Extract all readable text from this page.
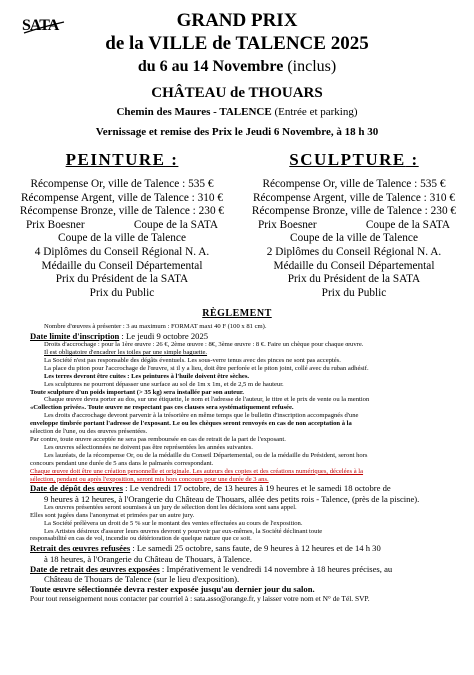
SATA	GRAND PRIX
de la VILLE de TALENCE 2025
du 6 au 14 Novembre (inclus)
CHÂTEAU de THOUARS
Chemin des Maures - TALENCE (Entrée et parking)
Vernissage et remise des Prix le Jeudi 6 Novembre, à 18 h 30
PEINTURE :
Récompense Or, ville de Talence : 535 €
Récompense Argent, ville de Talence : 310 €
Récompense Bronze, ville de Talence : 230 €
Prix Boesner	Coupe de la SATA
Coupe de la ville de Talence
4 Diplômes du Conseil Régional N. A.
Médaille du Conseil Départemental
Prix du Président de la SATA
Prix du Public
SCULPTURE :
Récompense Or, ville de Talence : 535 €
Récompense Argent, ville de Talence : 310 €
Récompense Bronze, ville de Talence : 230 €
Prix Boesner	Coupe de la SATA
Coupe de la ville de Talence
2 Diplômes du Conseil Régional N. A.
Médaille du Conseil Départemental
Prix du Président de la SATA
Prix du Public
RÈGLEMENT

Nombre d'œuvres à présenter : 3 au maximum : FORMAT maxi 40 F (100 x 81 cm).

Date limite d'inscription : Le jeudi 9 octobre 2025

Droits d'accrochage : pour la 1ère œuvre : 26 €, 2ème œuvre : 8€, 3ème œuvre : 8 €. Faire un chèque pour chaque œuvre.

Il est obligatoire d'encadrer les toiles par une simple baguette.

La Société n'est pas responsable des dégâts éventuels. Les sous-verre tenus avec des pinces ne sont pas acceptés.

La place du piton pour l'accrochage de l'œuvre, si il y a lieu, doit être perforée et le piton joint, collé avec du ruban adhésif.

Les terres devront être cuites : Les peintures à l'huile doivent être sèches.

Les sculptures ne pourront dépasser une surface au sol de 1m x 1m, et de 2,5 m de hauteur.

Toute sculpture d'un poids important (> 35 kg) sera installée par son auteur.

Chaque œuvre devra porter au dos, sur une étiquette, le nom et l'adresse de l'auteur, le titre et le prix de vente ou la mention

«Collection privée». Toute œuvre ne respectant pas ces clauses sera systématiquement refusée.

Les droits d'accrochage devront parvenir à la trésorière en même temps que le bulletin d'inscription accompagnés d'une

enveloppe timbrée portant l'adresse de l'exposant. Le ou les chèques seront renvoyés en cas de non acceptation à la

sélection de l'une, ou des œuvres présentées.

Par contre, toute œuvre acceptée ne sera pas remboursée en cas de retrait de la part de l'exposant.

Les œuvres sélectionnées ne doivent pas être représentées les années suivantes.

Les lauréats, de la récompense Or, ou de la médaille du Conseil Départemental, ou de la médaille du Président, seront hors

concours pendant une durée de 5 ans dans le palmarès correspondant.

Chaque œuvre doit être une création personnelle et originale. Les auteurs des copies et des créations numériques, décelées à la

sélection, pendant ou après l'exposition, seront mis hors concours pour une durée de 3 ans.

Date de dépôt des œuvres : Le vendredi 17 octobre, de 13 heures à 19 heures et le samedi 18 octobre de

9 heures à 12 heures, à l'Orangerie du Château de Thouars, allée des petits rois - Talence, (près de la piscine).

Les œuvres présentées seront soumises à un jury de sélection dont les décisions sont sans appel.

Elles sont jugées dans l'anonymat et primées par un autre jury.

La Société prélèvera un droit de 5 % sur le montant des ventes effectuées au cours de l'exposition.

Les Artistes désireux d'assurer leurs œuvres devront y pourvoir par eux-mêmes, la Société déclinant toute

responsabilité en cas de vol, incendie ou détérioration de quelque nature que ce soit.

Retrait des œuvres refusées : Le samedi 25 octobre, sans faute, de 9 heures à 12 heures et de 14 h 30

à 18 heures, à l'Orangerie du Château de Thouars, à Talence.

Date de retrait des œuvres exposées : Impérativement le vendredi 14 novembre à 18 heures précises, au

Château de Thouars de Talence (sur le lieu d'exposition).

Toute œuvre sélectionnée devra rester exposée jusqu'au dernier jour du salon.

Pour tout renseignement nous contacter par courriel à : sata.asso@orange.fr, y laisser votre nom et N° de Tél. SVP.
